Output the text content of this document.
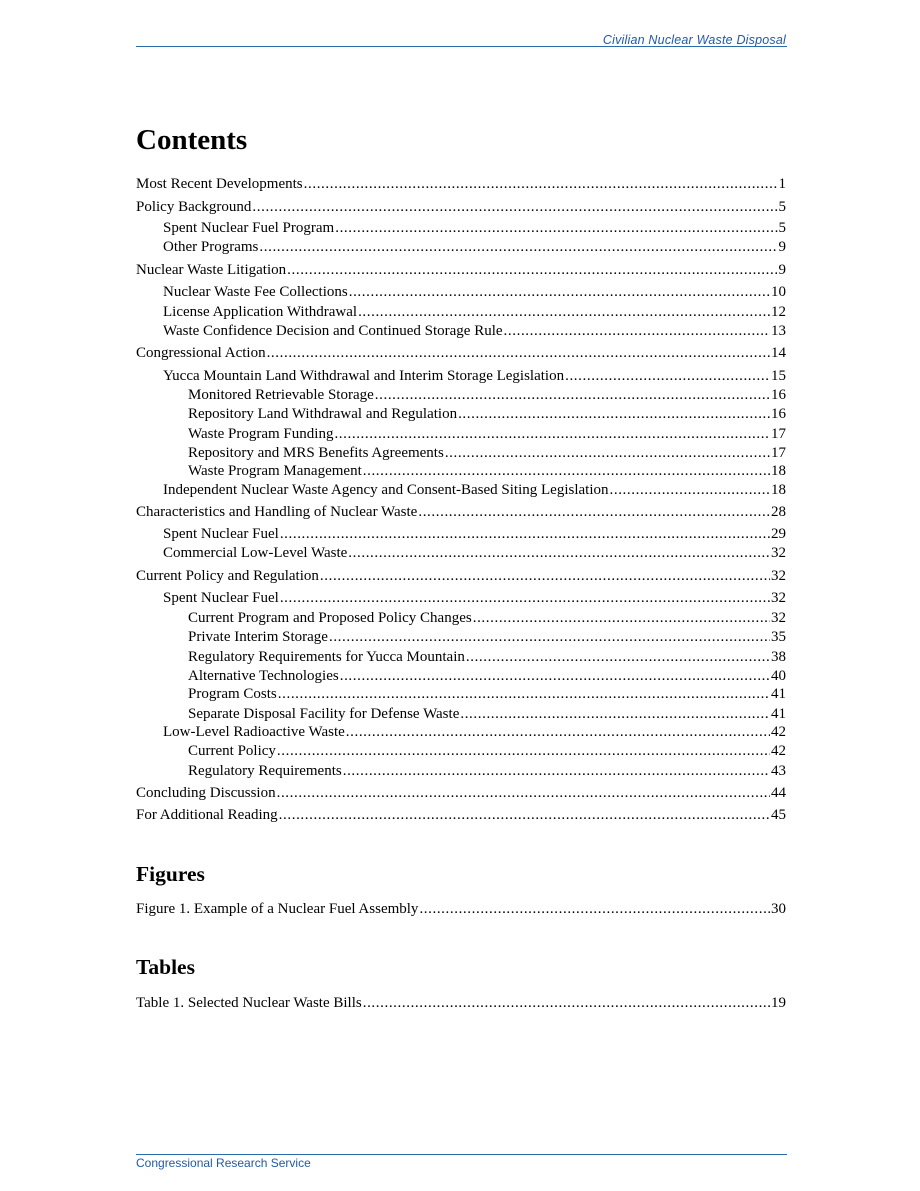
Civilian Nuclear Waste Disposal
Contents
Most Recent Developments .....	1
Policy Background .....	5
Spent Nuclear Fuel Program .....	5
Other Programs .....	9
Nuclear Waste Litigation .....	9
Nuclear Waste Fee Collections .....	10
License Application Withdrawal .....	12
Waste Confidence Decision and Continued Storage Rule .....	13
Congressional Action .....	14
Yucca Mountain Land Withdrawal and Interim Storage Legislation .....	15
Monitored Retrievable Storage .....	16
Repository Land Withdrawal and Regulation .....	16
Waste Program Funding .....	17
Repository and MRS Benefits Agreements .....	17
Waste Program Management .....	18
Independent Nuclear Waste Agency and Consent-Based Siting Legislation .....	18
Characteristics and Handling of Nuclear Waste .....	28
Spent Nuclear Fuel .....	29
Commercial Low-Level Waste .....	32
Current Policy and Regulation .....	32
Spent Nuclear Fuel .....	32
Current Program and Proposed Policy Changes .....	32
Private Interim Storage .....	35
Regulatory Requirements for Yucca Mountain .....	38
Alternative Technologies .....	40
Program Costs .....	41
Separate Disposal Facility for Defense Waste .....	41
Low-Level Radioactive Waste .....	42
Current Policy .....	42
Regulatory Requirements .....	43
Concluding Discussion .....	44
For Additional Reading .....	45
Figures
Figure 1. Example of a Nuclear Fuel Assembly .....	30
Tables
Table 1. Selected Nuclear Waste Bills .....	19
Congressional Research Service
